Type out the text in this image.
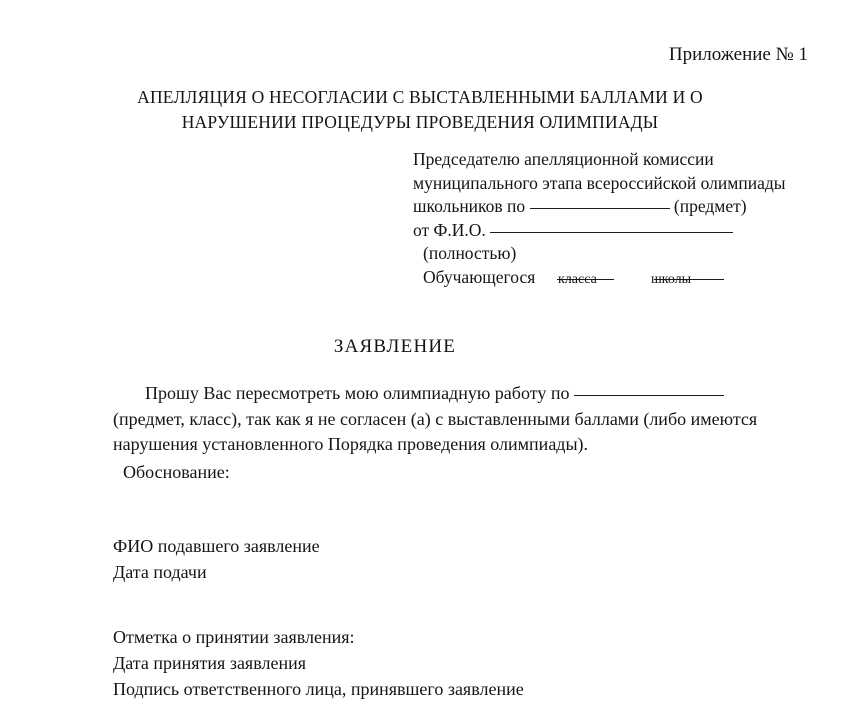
Приложение № 1
АПЕЛЛЯЦИЯ О НЕСОГЛАСИИ С ВЫСТАВЛЕННЫМИ БАЛЛАМИ И О
НАРУШЕНИИ ПРОЦЕДУРЫ ПРОВЕДЕНИЯ ОЛИМПИАДЫ
Председателю апелляционной комиссии
муниципального этапа всероссийской олимпиады
школьников по	(предмет)
от Ф.И.О.
(полностью)
Обучающегося	класса	школы
ЗАЯВЛЕНИЕ
Прошу Вас пересмотреть мою олимпиадную работу по
(предмет, класс), так как я не согласен (а) с выставленными баллами (либо имеются
нарушения установленного Порядка проведения олимпиады).
Обоснование:
ФИО подавшего заявление
Дата подачи
Отметка о принятии заявления:
Дата принятия заявления
Подпись ответственного лица, принявшего заявление
